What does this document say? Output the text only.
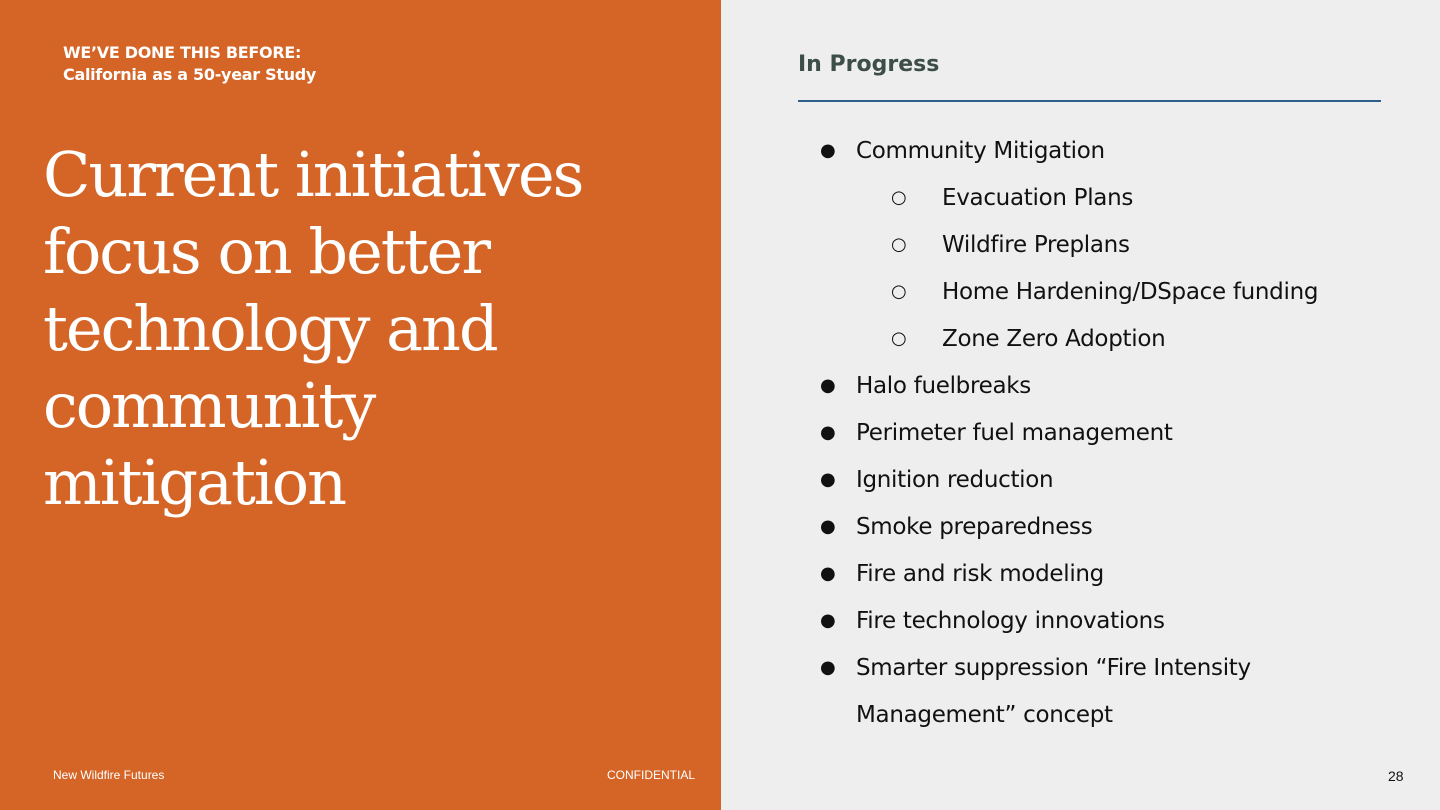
WE’VE DONE THIS BEFORE:
California as a 50-year Study
Current initiatives focus on better technology and community mitigation
New Wildfire Futures	CONFIDENTIAL
In Progress
● Community Mitigation
○ Evacuation Plans
○ Wildfire Preplans
○ Home Hardening/DSpace funding
○ Zone Zero Adoption
● Halo fuelbreaks
● Perimeter fuel management
● Ignition reduction
● Smoke preparedness
● Fire and risk modeling
● Fire technology innovations
● Smarter suppression “Fire Intensity
Management” concept
28
